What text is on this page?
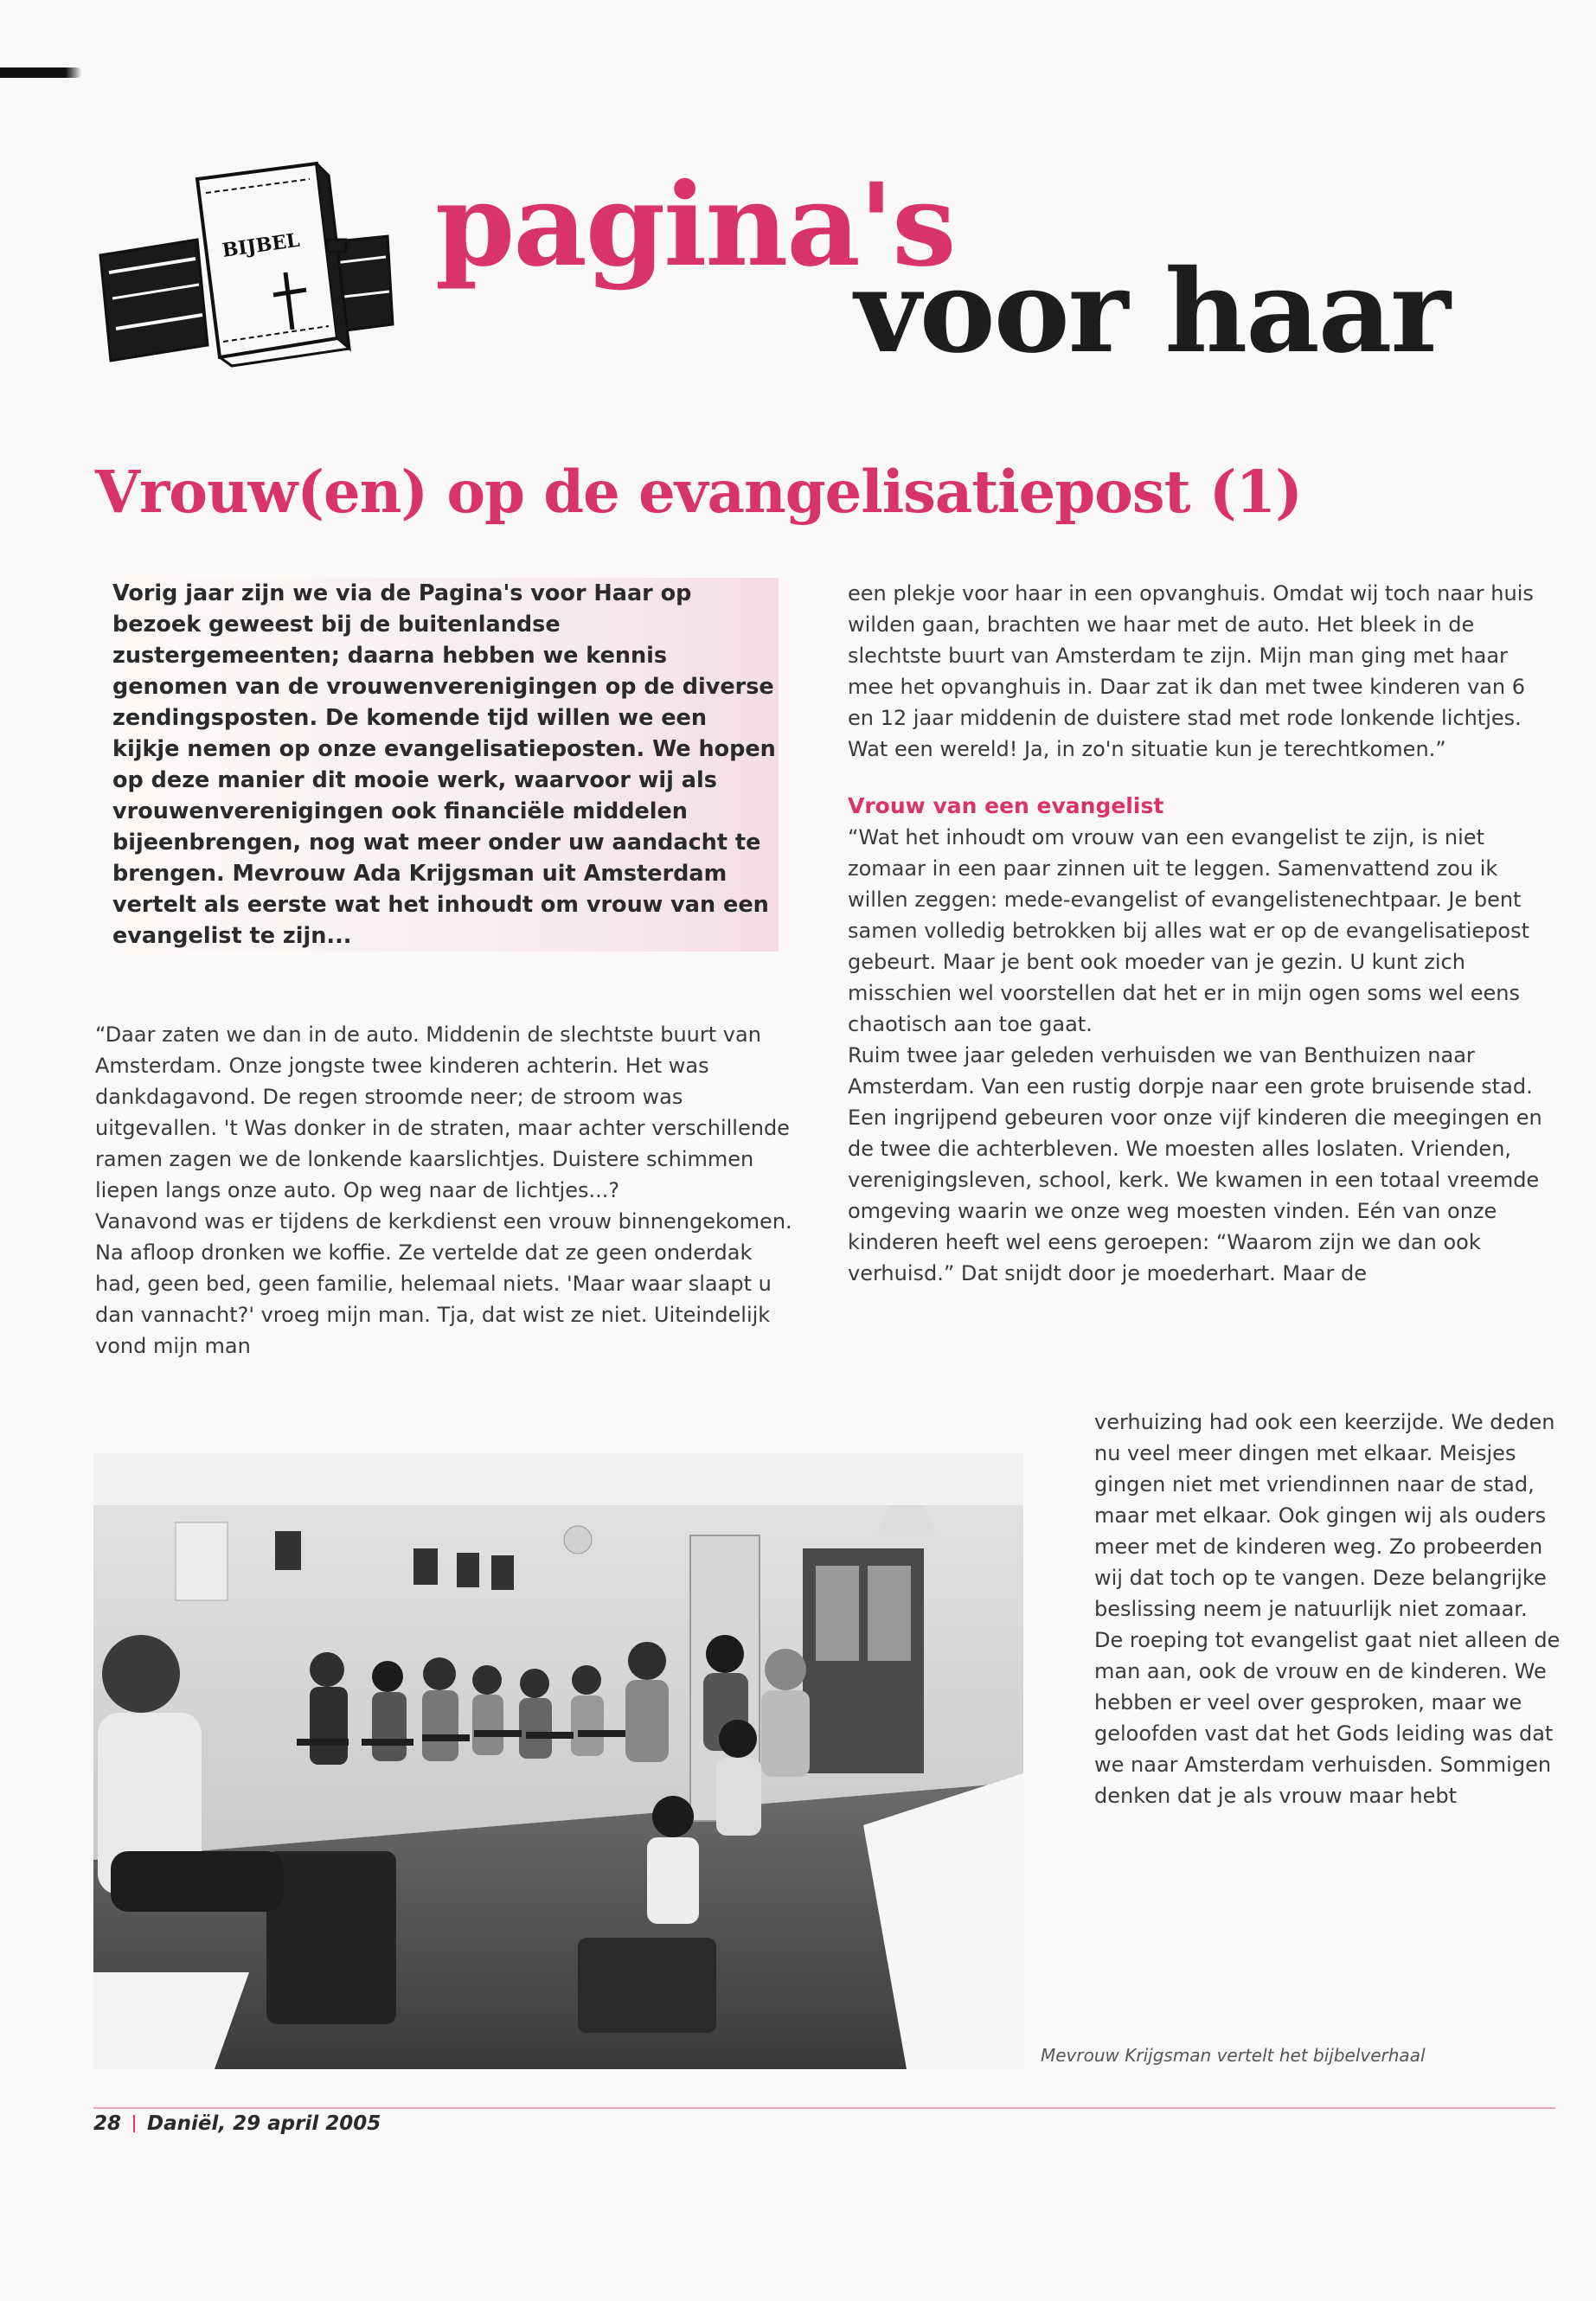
BIJBEL pagina's
voor haar
Vrouw(en) op de evangelisatiepost (1)

Vorig jaar zijn we via de Pagina's voor Haar op bezoek geweest bij de buitenlandse zustergemeenten; daarna hebben we kennis genomen van de vrouwenverenigingen op de diverse zendingsposten. De komende tijd willen we een kijkje nemen op onze evangelisatieposten. We hopen op deze manier dit mooie werk, waarvoor wij als vrouwenverenigingen ook financiële middelen bijeenbrengen, nog wat meer onder uw aandacht te brengen. Mevrouw Ada Krijgsman uit Amsterdam vertelt als eerste wat het inhoudt om vrouw van een evangelist te zijn...

“Daar zaten we dan in de auto. Middenin de slechtste buurt van Amsterdam. Onze jongste twee kinderen achterin. Het was dankdagavond. De regen stroomde neer; de stroom was uitgevallen. 't Was donker in de straten, maar achter verschillende ramen zagen we de lonkende kaarslichtjes. Duistere schimmen liepen langs onze auto. Op weg naar de lichtjes...?

Vanavond was er tijdens de kerkdienst een vrouw binnengekomen. Na afloop dronken we koffie. Ze vertelde dat ze geen onderdak had, geen bed, geen familie, helemaal niets. 'Maar waar slaapt u dan vannacht?' vroeg mijn man. Tja, dat wist ze niet. Uiteindelijk vond mijn man

een plekje voor haar in een opvanghuis. Omdat wij toch naar huis wilden gaan, brachten we haar met de auto. Het bleek in de slechtste buurt van Amsterdam te zijn. Mijn man ging met haar mee het opvanghuis in. Daar zat ik dan met twee kinderen van 6 en 12 jaar middenin de duistere stad met rode lonkende lichtjes. Wat een wereld! Ja, in zo'n situatie kun je terechtkomen.”

Vrouw van een evangelist

“Wat het inhoudt om vrouw van een evangelist te zijn, is niet zomaar in een paar zinnen uit te leggen. Samenvattend zou ik willen zeggen: mede-evangelist of evangelistenechtpaar. Je bent samen volledig betrokken bij alles wat er op de evangelisatiepost gebeurt. Maar je bent ook moeder van je gezin. U kunt zich misschien wel voorstellen dat het er in mijn ogen soms wel eens chaotisch aan toe gaat.

Ruim twee jaar geleden verhuisden we van Benthuizen naar Amsterdam. Van een rustig dorpje naar een grote bruisende stad. Een ingrijpend gebeuren voor onze vijf kinderen die meegingen en de twee die achterbleven. We moesten alles loslaten. Vrienden, verenigingsleven, school, kerk. We kwamen in een totaal vreemde omgeving waarin we onze weg moesten vinden. Eén van onze kinderen heeft wel eens geroepen: “Waarom zijn we dan ook verhuisd.” Dat snijdt door je moederhart. Maar de

verhuizing had ook een keerzijde. We deden nu veel meer dingen met elkaar. Meisjes gingen niet met vriendinnen naar de stad, maar met elkaar. Ook gingen wij als ouders meer met de kinderen weg. Zo probeerden wij dat toch op te vangen. Deze belangrijke beslissing neem je natuurlijk niet zomaar. De roeping tot evangelist gaat niet alleen de man aan, ook de vrouw en de kinderen. We hebben er veel over gesproken, maar we geloofden vast dat het Gods leiding was dat we naar Amsterdam verhuisden. Sommigen denken dat je als vrouw maar hebt

Mevrouw Krijgsman vertelt het bijbelverhaal

28 Daniël, 29 april 2005
